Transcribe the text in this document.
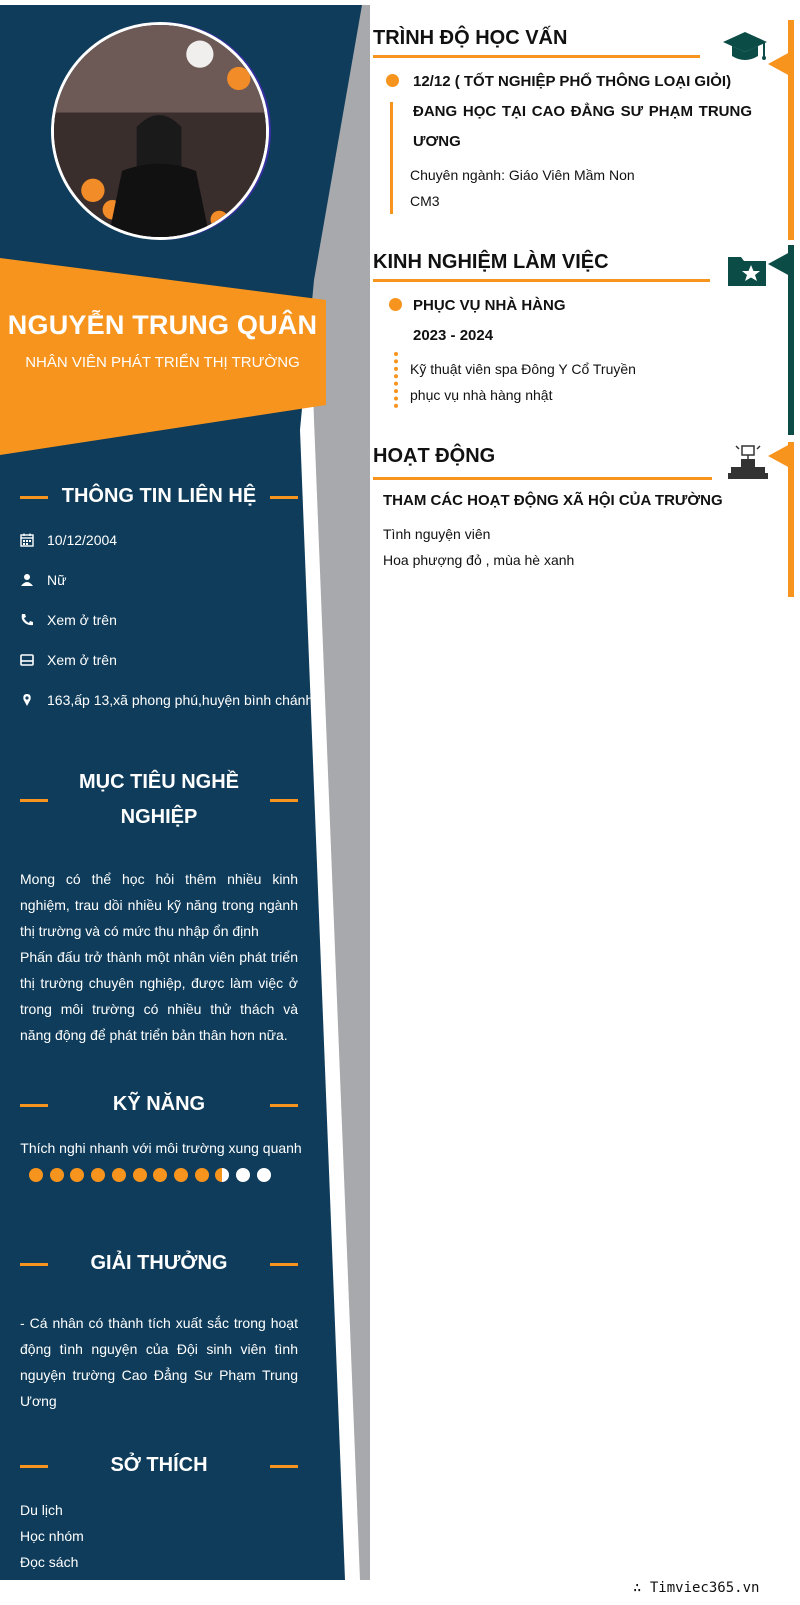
NGUYỄN TRUNG QUÂN
NHÂN VIÊN PHÁT TRIỂN THỊ TRƯỜNG
THÔNG TIN LIÊN HỆ
10/12/2004
Nữ
Xem ở trên
Xem ở trên
163,ấp 13,xã phong phú,huyện bình chánh
MỤC TIÊU NGHỀ
NGHIỆP
Mong có thể học hỏi thêm nhiều kinh nghiệm, trau dồi nhiều kỹ năng trong ngành thị trường và có mức thu nhập ổn định
Phấn đấu trở thành một nhân viên phát triển thị trường chuyên nghiệp, được làm việc ở trong môi trường có nhiều thử thách và năng động để phát triển bản thân hơn nữa.
KỸ NĂNG
Thích nghi nhanh với môi trường xung quanh
GIẢI THƯỞNG
- Cá nhân có thành tích xuất sắc trong hoạt động tình nguyện của Đội sinh viên tình nguyện trường Cao Đẳng Sư Phạm Trung Ương
SỞ THÍCH
Du lịch
Học nhóm
Đọc sách
TRÌNH ĐỘ HỌC VẤN
12/12 ( TỐT NGHIỆP PHỔ THÔNG LOẠI GIỎI)
ĐANG HỌC TẠI CAO ĐẲNG SƯ PHẠM TRUNG
ƯƠNG
Chuyên ngành: Giáo Viên Mầm Non
CM3
KINH NGHIỆM LÀM VIỆC
PHỤC VỤ NHÀ HÀNG
2023 - 2024
Kỹ thuật viên spa Đông Y Cổ Truyền
phục vụ nhà hàng nhật
HOẠT ĐỘNG
THAM CÁC HOẠT ĐỘNG XÃ HỘI CỦA TRƯỜNG
Tình nguyện viên
Hoa phượng đỏ , mùa hè xanh
∴ Timviec365.vn
